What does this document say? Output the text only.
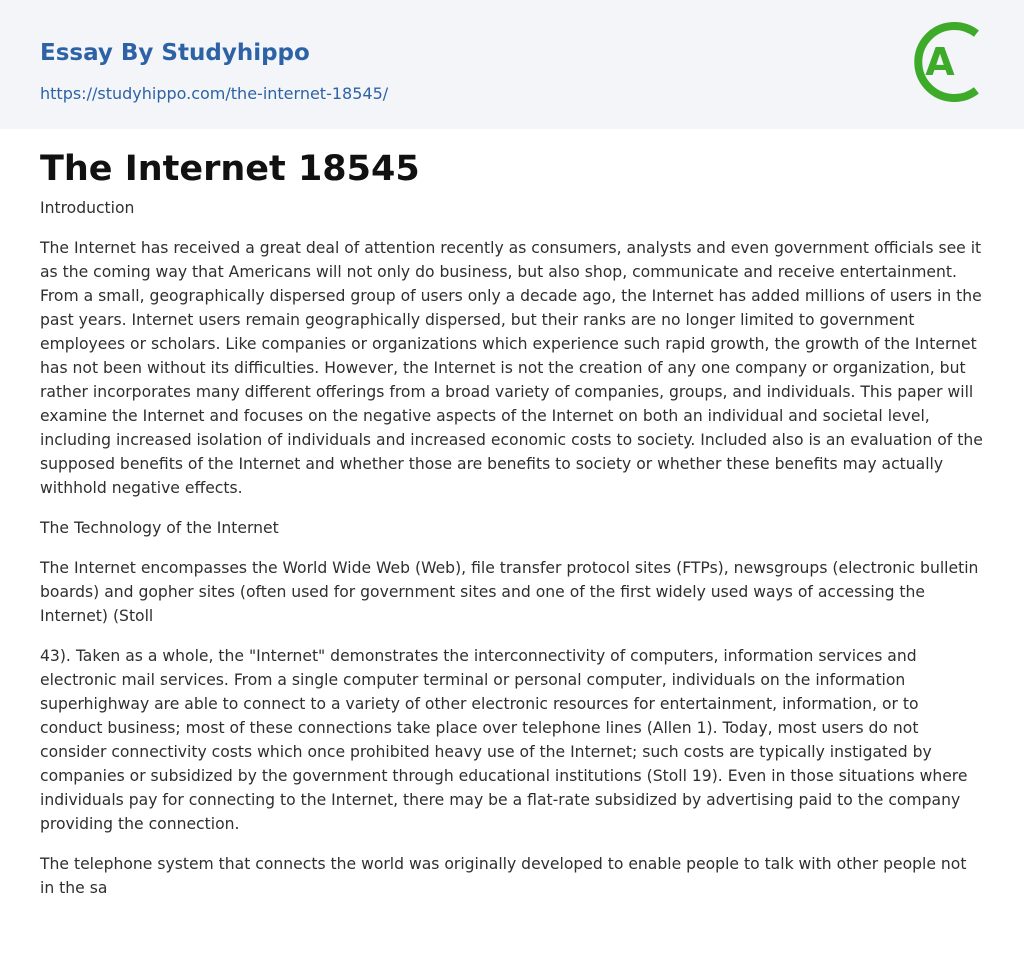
Essay By Studyhippo
https://studyhippo.com/the-internet-18545/
A
The Internet 18545

Introduction

The Internet has received a great deal of attention recently as consumers, analysts and even government officials see it as the coming way that Americans will not only do business, but also shop, communicate and receive entertainment. From a small, geographically dispersed group of users only a decade ago, the Internet has added millions of users in the past years. Internet users remain geographically dispersed, but their ranks are no longer limited to government employees or scholars. Like companies or organizations which experience such rapid growth, the growth of the Internet has not been without its difficulties. However, the Internet is not the creation of any one company or organization, but rather incorporates many different offerings from a broad variety of companies, groups, and individuals. This paper will examine the Internet and focuses on the negative aspects of the Internet on both an individual and societal level, including increased isolation of individuals and increased economic costs to society. Included also is an evaluation of the supposed benefits of the Internet and whether those are benefits to society or whether these benefits may actually withhold negative effects.

The Technology of the Internet

The Internet encompasses the World Wide Web (Web), file transfer protocol sites (FTPs), newsgroups (electronic bulletin boards) and gopher sites (often used for government sites and one of the first widely used ways of accessing the Internet) (Stoll

43). Taken as a whole, the "Internet" demonstrates the interconnectivity of computers, information services and electronic mail services. From a single computer terminal or personal computer, individuals on the information superhighway are able to connect to a variety of other electronic resources for entertainment, information, or to conduct business; most of these connections take place over telephone lines (Allen 1). Today, most users do not consider connectivity costs which once prohibited heavy use of the Internet; such costs are typically instigated by companies or subsidized by the government through educational institutions (Stoll 19). Even in those situations where individuals pay for connecting to the Internet, there may be a flat-rate subsidized by advertising paid to the company providing the connection.

The telephone system that connects the world was originally developed to enable people to talk with other people not in the sa
